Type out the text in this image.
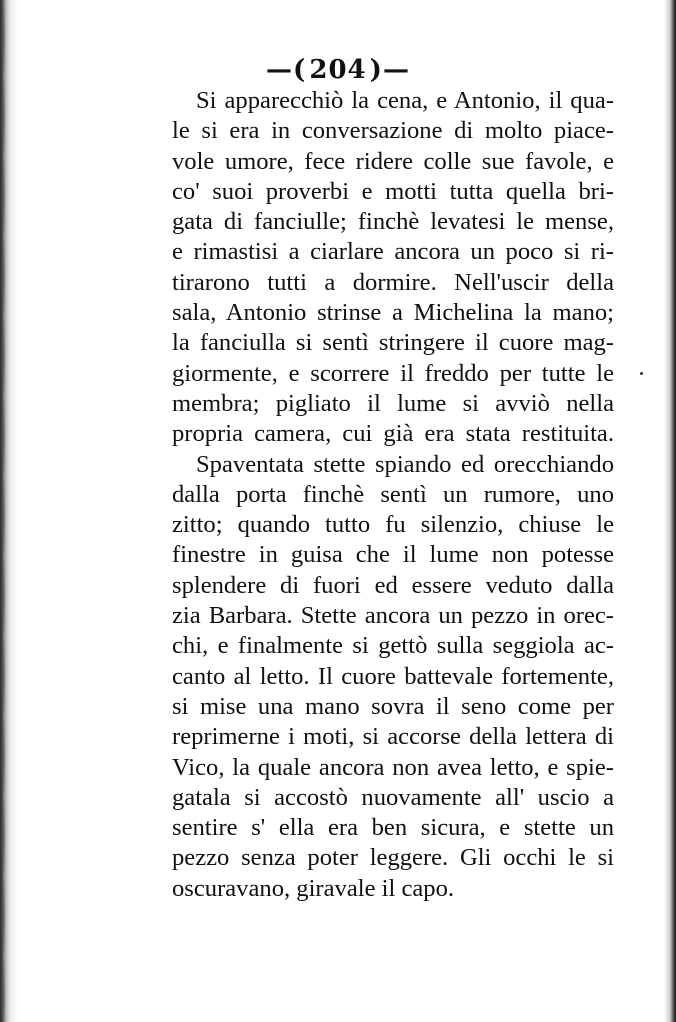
—( 204 )—
Si apparecchiò la cena, e Antonio, il qua-
le si era in conversazione di molto piace-
vole umore, fece ridere colle sue favole, e
co' suoi proverbi e motti tutta quella bri-
gata di fanciulle; finchè levatesi le mense,
e rimastisi a ciarlare ancora un poco si ri-
tirarono tutti a dormire. Nell'uscir della
sala, Antonio strinse a Michelina la mano;
la fanciulla si sentì stringere il cuore mag-
giormente, e scorrere il freddo per tutte le
membra; pigliato il lume si avviò nella
propria camera, cui già era stata restituita.
Spaventata stette spiando ed orecchiando
dalla porta finchè sentì un rumore, uno
zitto; quando tutto fu silenzio, chiuse le
finestre in guisa che il lume non potesse
splendere di fuori ed essere veduto dalla
zia Barbara. Stette ancora un pezzo in orec-
chi, e finalmente si gettò sulla seggiola ac-
canto al letto. Il cuore battevale fortemente,
si mise una mano sovra il seno come per
reprimerne i moti, si accorse della lettera di
Vico, la quale ancora non avea letto, e spie-
gatala si accostò nuovamente all' uscio a
sentire s' ella era ben sicura, e stette un
pezzo senza poter leggere. Gli occhi le si
oscuravano, giravale il capo.
